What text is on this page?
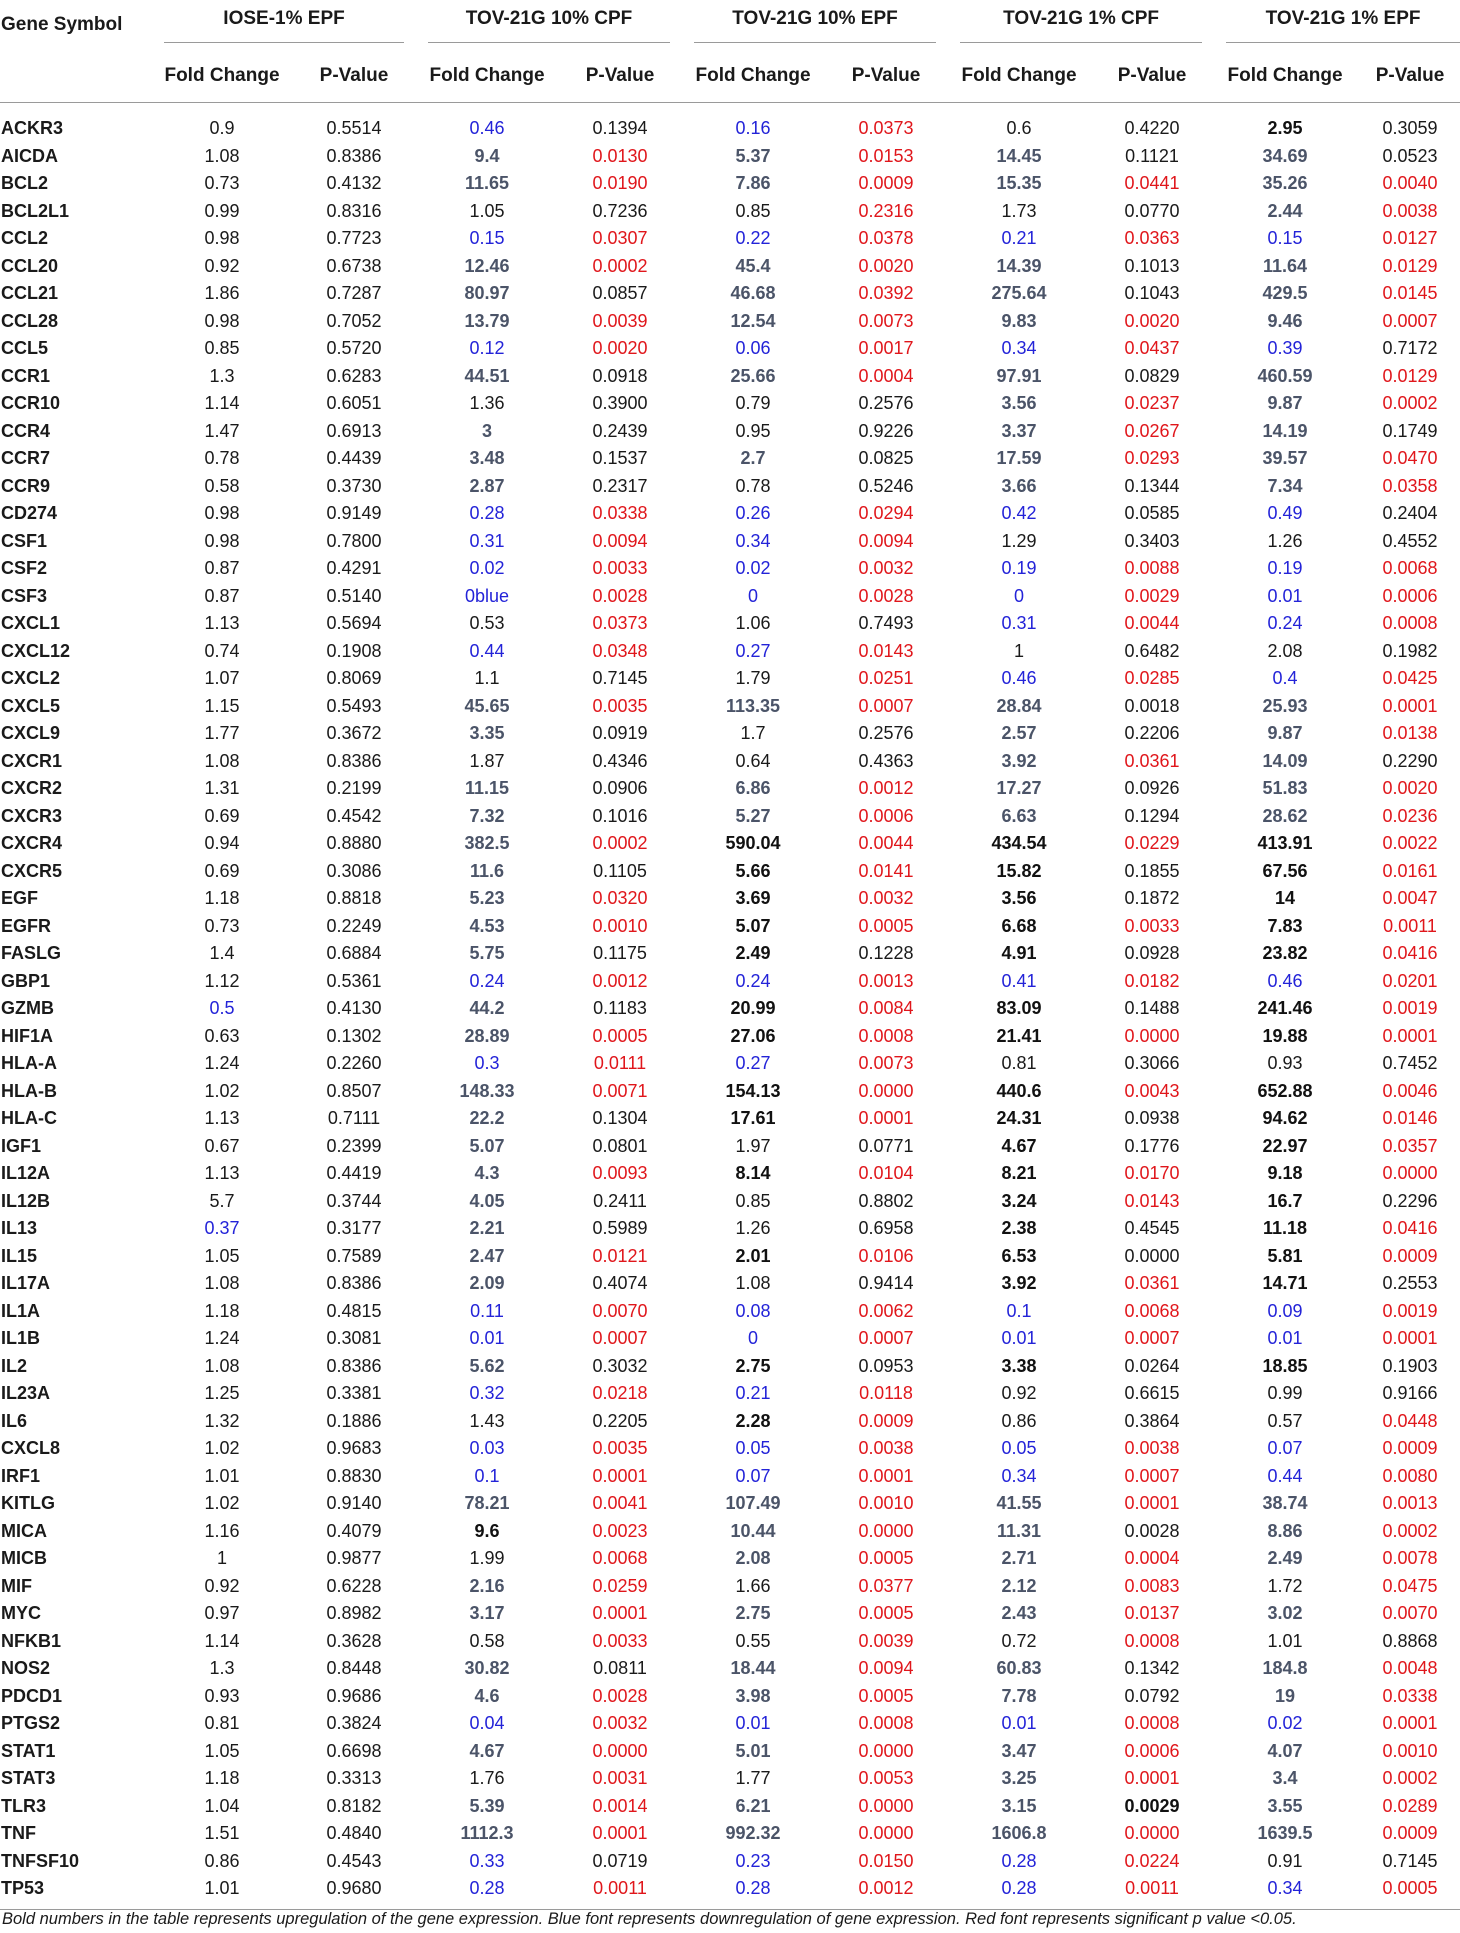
Gene Symbol	IOSE-1% EPF		TOV-21G 10% CPF		TOV-21G 10% EPF		TOV-21G 1% CPF		TOV-21G 1% EPF	

	Fold Change	P-Value	Fold Change	P-Value	Fold Change	P-Value	Fold Change	P-Value	Fold Change	P-Value

ACKR3	0.9	0.5514	0.46	0.1394	0.16	0.0373	0.6	0.4220	2.95	0.3059
AICDA	1.08	0.8386	9.4	0.0130	5.37	0.0153	14.45	0.1121	34.69	0.0523
BCL2	0.73	0.4132	11.65	0.0190	7.86	0.0009	15.35	0.0441	35.26	0.0040
BCL2L1	0.99	0.8316	1.05	0.7236	0.85	0.2316	1.73	0.0770	2.44	0.0038
CCL2	0.98	0.7723	0.15	0.0307	0.22	0.0378	0.21	0.0363	0.15	0.0127
CCL20	0.92	0.6738	12.46	0.0002	45.4	0.0020	14.39	0.1013	11.64	0.0129
CCL21	1.86	0.7287	80.97	0.0857	46.68	0.0392	275.64	0.1043	429.5	0.0145
CCL28	0.98	0.7052	13.79	0.0039	12.54	0.0073	9.83	0.0020	9.46	0.0007
CCL5	0.85	0.5720	0.12	0.0020	0.06	0.0017	0.34	0.0437	0.39	0.7172
CCR1	1.3	0.6283	44.51	0.0918	25.66	0.0004	97.91	0.0829	460.59	0.0129
CCR10	1.14	0.6051	1.36	0.3900	0.79	0.2576	3.56	0.0237	9.87	0.0002
CCR4	1.47	0.6913	3	0.2439	0.95	0.9226	3.37	0.0267	14.19	0.1749
CCR7	0.78	0.4439	3.48	0.1537	2.7	0.0825	17.59	0.0293	39.57	0.0470
CCR9	0.58	0.3730	2.87	0.2317	0.78	0.5246	3.66	0.1344	7.34	0.0358
CD274	0.98	0.9149	0.28	0.0338	0.26	0.0294	0.42	0.0585	0.49	0.2404
CSF1	0.98	0.7800	0.31	0.0094	0.34	0.0094	1.29	0.3403	1.26	0.4552
CSF2	0.87	0.4291	0.02	0.0033	0.02	0.0032	0.19	0.0088	0.19	0.0068
CSF3	0.87	0.5140	0blue	0.0028	0	0.0028	0	0.0029	0.01	0.0006
CXCL1	1.13	0.5694	0.53	0.0373	1.06	0.7493	0.31	0.0044	0.24	0.0008
CXCL12	0.74	0.1908	0.44	0.0348	0.27	0.0143	1	0.6482	2.08	0.1982
CXCL2	1.07	0.8069	1.1	0.7145	1.79	0.0251	0.46	0.0285	0.4	0.0425
CXCL5	1.15	0.5493	45.65	0.0035	113.35	0.0007	28.84	0.0018	25.93	0.0001
CXCL9	1.77	0.3672	3.35	0.0919	1.7	0.2576	2.57	0.2206	9.87	0.0138
CXCR1	1.08	0.8386	1.87	0.4346	0.64	0.4363	3.92	0.0361	14.09	0.2290
CXCR2	1.31	0.2199	11.15	0.0906	6.86	0.0012	17.27	0.0926	51.83	0.0020
CXCR3	0.69	0.4542	7.32	0.1016	5.27	0.0006	6.63	0.1294	28.62	0.0236
CXCR4	0.94	0.8880	382.5	0.0002	590.04	0.0044	434.54	0.0229	413.91	0.0022
CXCR5	0.69	0.3086	11.6	0.1105	5.66	0.0141	15.82	0.1855	67.56	0.0161
EGF	1.18	0.8818	5.23	0.0320	3.69	0.0032	3.56	0.1872	14	0.0047
EGFR	0.73	0.2249	4.53	0.0010	5.07	0.0005	6.68	0.0033	7.83	0.0011
FASLG	1.4	0.6884	5.75	0.1175	2.49	0.1228	4.91	0.0928	23.82	0.0416
GBP1	1.12	0.5361	0.24	0.0012	0.24	0.0013	0.41	0.0182	0.46	0.0201
GZMB	0.5	0.4130	44.2	0.1183	20.99	0.0084	83.09	0.1488	241.46	0.0019
HIF1A	0.63	0.1302	28.89	0.0005	27.06	0.0008	21.41	0.0000	19.88	0.0001
HLA-A	1.24	0.2260	0.3	0.0111	0.27	0.0073	0.81	0.3066	0.93	0.7452
HLA-B	1.02	0.8507	148.33	0.0071	154.13	0.0000	440.6	0.0043	652.88	0.0046
HLA-C	1.13	0.7111	22.2	0.1304	17.61	0.0001	24.31	0.0938	94.62	0.0146
IGF1	0.67	0.2399	5.07	0.0801	1.97	0.0771	4.67	0.1776	22.97	0.0357
IL12A	1.13	0.4419	4.3	0.0093	8.14	0.0104	8.21	0.0170	9.18	0.0000
IL12B	5.7	0.3744	4.05	0.2411	0.85	0.8802	3.24	0.0143	16.7	0.2296
IL13	0.37	0.3177	2.21	0.5989	1.26	0.6958	2.38	0.4545	11.18	0.0416
IL15	1.05	0.7589	2.47	0.0121	2.01	0.0106	6.53	0.0000	5.81	0.0009
IL17A	1.08	0.8386	2.09	0.4074	1.08	0.9414	3.92	0.0361	14.71	0.2553
IL1A	1.18	0.4815	0.11	0.0070	0.08	0.0062	0.1	0.0068	0.09	0.0019
IL1B	1.24	0.3081	0.01	0.0007	0	0.0007	0.01	0.0007	0.01	0.0001
IL2	1.08	0.8386	5.62	0.3032	2.75	0.0953	3.38	0.0264	18.85	0.1903
IL23A	1.25	0.3381	0.32	0.0218	0.21	0.0118	0.92	0.6615	0.99	0.9166
IL6	1.32	0.1886	1.43	0.2205	2.28	0.0009	0.86	0.3864	0.57	0.0448
CXCL8	1.02	0.9683	0.03	0.0035	0.05	0.0038	0.05	0.0038	0.07	0.0009
IRF1	1.01	0.8830	0.1	0.0001	0.07	0.0001	0.34	0.0007	0.44	0.0080
KITLG	1.02	0.9140	78.21	0.0041	107.49	0.0010	41.55	0.0001	38.74	0.0013
MICA	1.16	0.4079	9.6	0.0023	10.44	0.0000	11.31	0.0028	8.86	0.0002
MICB	1	0.9877	1.99	0.0068	2.08	0.0005	2.71	0.0004	2.49	0.0078
MIF	0.92	0.6228	2.16	0.0259	1.66	0.0377	2.12	0.0083	1.72	0.0475
MYC	0.97	0.8982	3.17	0.0001	2.75	0.0005	2.43	0.0137	3.02	0.0070
NFKB1	1.14	0.3628	0.58	0.0033	0.55	0.0039	0.72	0.0008	1.01	0.8868
NOS2	1.3	0.8448	30.82	0.0811	18.44	0.0094	60.83	0.1342	184.8	0.0048
PDCD1	0.93	0.9686	4.6	0.0028	3.98	0.0005	7.78	0.0792	19	0.0338
PTGS2	0.81	0.3824	0.04	0.0032	0.01	0.0008	0.01	0.0008	0.02	0.0001
STAT1	1.05	0.6698	4.67	0.0000	5.01	0.0000	3.47	0.0006	4.07	0.0010
STAT3	1.18	0.3313	1.76	0.0031	1.77	0.0053	3.25	0.0001	3.4	0.0002
TLR3	1.04	0.8182	5.39	0.0014	6.21	0.0000	3.15	0.0029	3.55	0.0289
TNF	1.51	0.4840	1112.3	0.0001	992.32	0.0000	1606.8	0.0000	1639.5	0.0009
TNFSF10	0.86	0.4543	0.33	0.0719	0.23	0.0150	0.28	0.0224	0.91	0.7145
TP53	1.01	0.9680	0.28	0.0011	0.28	0.0012	0.28	0.0011	0.34	0.0005

Bold numbers in the table represents upregulation of the gene expression. Blue font represents downregulation of gene expression. Red font represents significant p value <0.05.
